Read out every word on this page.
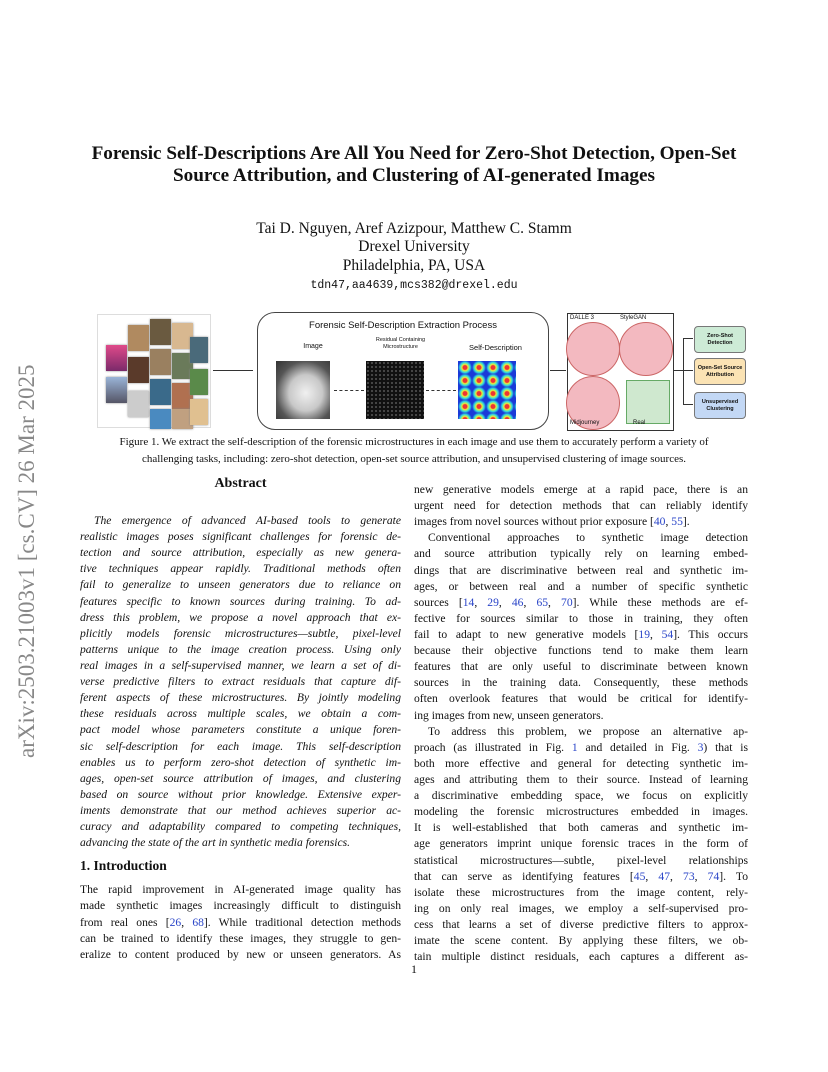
arXiv:2503.21003v1 [cs.CV] 26 Mar 2025
Forensic Self-Descriptions Are All You Need for Zero-Shot Detection, Open-Set
Source Attribution, and Clustering of AI-generated Images
Tai D. Nguyen, Aref Azizpour, Matthew C. Stamm
Drexel University
Philadelphia, PA, USA
tdn47,aa4639,mcs382@drexel.edu
Forensic Self-Description Extraction Process
Image
Residual Containing Microstructure	Self-Description
DALLE 3	StyleGAN
Midjourney	Real
Zero-Shot Detection
Open-Set Source Attribution
Unsupervised Clustering
Figure 1. We extract the self-description of the forensic microstructures in each image and use them to accurately perform a variety of
challenging tasks, including: zero-shot detection, open-set source attribution, and unsupervised clustering of image sources.
Abstract
The emergence of advanced AI-based tools to generate
realistic images poses significant challenges for forensic de-
tection and source attribution, especially as new genera-
tive techniques appear rapidly. Traditional methods often
fail to generalize to unseen generators due to reliance on
features specific to known sources during training. To ad-
dress this problem, we propose a novel approach that ex-
plicitly models forensic microstructures—subtle, pixel-level
patterns unique to the image creation process. Using only
real images in a self-supervised manner, we learn a set of di-
verse predictive filters to extract residuals that capture dif-
ferent aspects of these microstructures. By jointly modeling
these residuals across multiple scales, we obtain a com-
pact model whose parameters constitute a unique foren-
sic self-description for each image. This self-description
enables us to perform zero-shot detection of synthetic im-
ages, open-set source attribution of images, and clustering
based on source without prior knowledge. Extensive exper-
iments demonstrate that our method achieves superior ac-
curacy and adaptability compared to competing techniques,
advancing the state of the art in synthetic media forensics.
1. Introduction
The rapid improvement in AI-generated image quality has
made synthetic images increasingly difficult to distinguish
from real ones [26, 68]. While traditional detection methods
can be trained to identify these images, they struggle to gen-
eralize to content produced by new or unseen generators. As
new generative models emerge at a rapid pace, there is an
urgent need for detection methods that can reliably identify
images from novel sources without prior exposure [40, 55].
Conventional approaches to synthetic image detection
and source attribution typically rely on learning embed-
dings that are discriminative between real and synthetic im-
ages, or between real and a number of specific synthetic
sources [14, 29, 46, 65, 70]. While these methods are ef-
fective for sources similar to those in training, they often
fail to adapt to new generative models [19, 54]. This occurs
because their objective functions tend to make them learn
features that are only useful to discriminate between known
sources in the training data. Consequently, these methods
often overlook features that would be critical for identify-
ing images from new, unseen generators.
To address this problem, we propose an alternative ap-
proach (as illustrated in Fig. 1 and detailed in Fig. 3) that is
both more effective and general for detecting synthetic im-
ages and attributing them to their source. Instead of learning
a discriminative embedding space, we focus on explicitly
modeling the forensic microstructures embedded in images.
It is well-established that both cameras and synthetic im-
age generators imprint unique forensic traces in the form of
statistical microstructures—subtle, pixel-level relationships
that can serve as identifying features [45, 47, 73, 74]. To
isolate these microstructures from the image content, rely-
ing on only real images, we employ a self-supervised pro-
cess that learns a set of diverse predictive filters to approx-
imate the scene content. By applying these filters, we ob-
tain multiple distinct residuals, each captures a different as-
1
